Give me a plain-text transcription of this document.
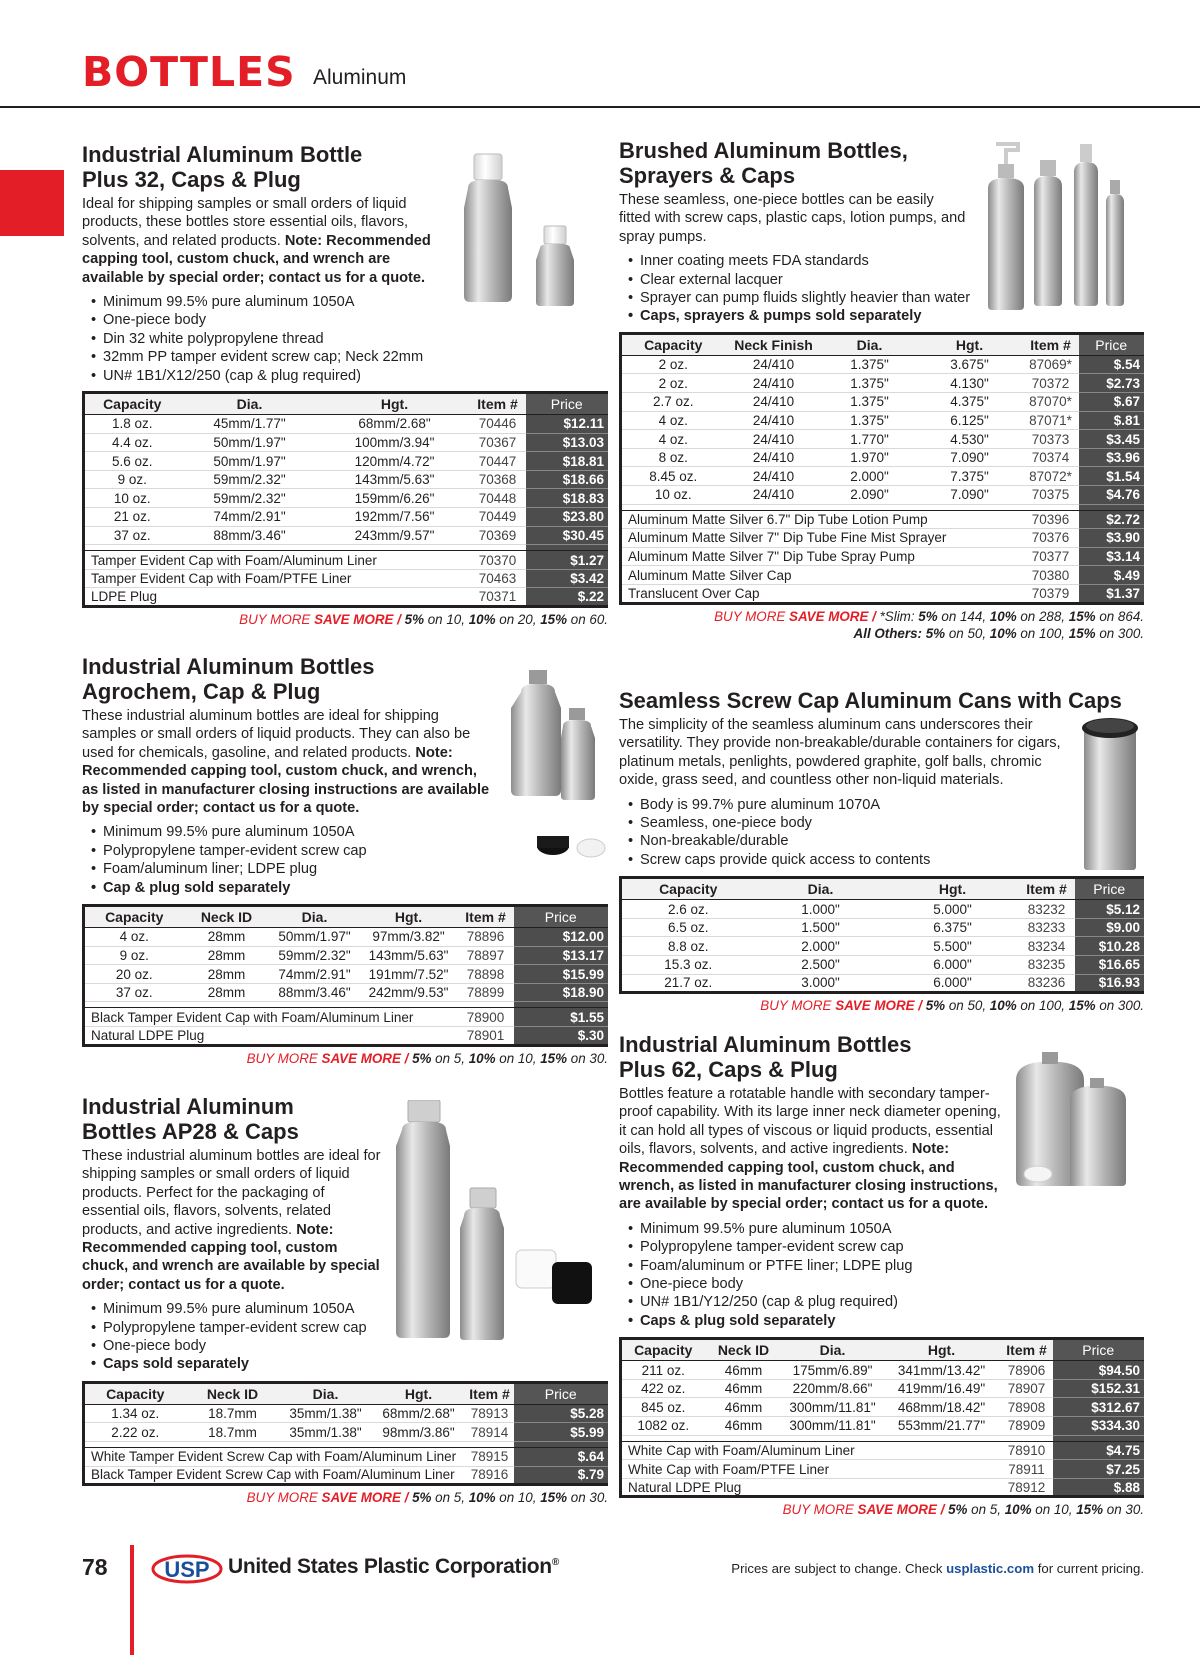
BOTTLES Aluminum
Industrial Aluminum Bottle
Plus 32, Caps & Plug
Ideal for shipping samples or small orders of liquid products, these bottles store essential oils, flavors, solvents, and related products. Note: Recommended capping tool, custom chuck, and wrench are available by special order; contact us for a quote.
• Minimum 99.5% pure aluminum 1050A
• One-piece body
• Din 32 white polypropylene thread
• 32mm PP tamper evident screw cap; Neck 22mm
• UN# 1B1/X12/250 (cap & plug required)
Capacity	Dia.	Hgt.	Item #	Price
1.8 oz.	45mm/1.77"	68mm/2.68"	70446	$12.11
4.4 oz.	50mm/1.97"	100mm/3.94"	70367	$13.03
5.6 oz.	50mm/1.97"	120mm/4.72"	70447	$18.81
9 oz.	59mm/2.32"	143mm/5.63"	70368	$18.66
10 oz.	59mm/2.32"	159mm/6.26"	70448	$18.83
21 oz.	74mm/2.91"	192mm/7.56"	70449	$23.80
37 oz.	88mm/3.46"	243mm/9.57"	70369	$30.45

Tamper Evident Cap with Foam/Aluminum Liner			70370	$1.27
Tamper Evident Cap with Foam/PTFE Liner			70463	$3.42
LDPE Plug			70371	$.22
BUY MORE SAVE MORE / 5% on 10, 10% on 20, 15% on 60.
Industrial Aluminum Bottles
Agrochem, Cap & Plug
These industrial aluminum bottles are ideal for shipping samples or small orders of liquid products. They can also be used for chemicals, gasoline, and related products. Note: Recommended capping tool, custom chuck, and wrench, as listed in manufacturer closing instructions are available by special order; contact us for a quote.
• Minimum 99.5% pure aluminum 1050A
• Polypropylene tamper-evident screw cap
• Foam/aluminum liner; LDPE plug
• Cap & plug sold separately
Capacity	Neck ID	Dia.	Hgt.	Item #	Price
4 oz.	28mm	50mm/1.97"	97mm/3.82"	78896	$12.00
9 oz.	28mm	59mm/2.32"	143mm/5.63"	78897	$13.17
20 oz.	28mm	74mm/2.91"	191mm/7.52"	78898	$15.99
37 oz.	28mm	88mm/3.46"	242mm/9.53"	78899	$18.90

Black Tamper Evident Cap with Foam/Aluminum Liner				78900	$1.55
Natural LDPE Plug				78901	$.30
BUY MORE SAVE MORE / 5% on 5, 10% on 10, 15% on 30.
Industrial Aluminum
Bottles AP28 & Caps
These industrial aluminum bottles are ideal for shipping samples or small orders of liquid products. Perfect for the packaging of essential oils, flavors, solvents, related products, and active ingredients. Note: Recommended capping tool, custom chuck, and wrench are available by special order; contact us for a quote.
• Minimum 99.5% pure aluminum 1050A
• Polypropylene tamper-evident screw cap
• One-piece body
• Caps sold separately
Capacity	Neck ID	Dia.	Hgt.	Item #	Price
1.34 oz.	18.7mm	35mm/1.38"	68mm/2.68"	78913	$5.28
2.22 oz.	18.7mm	35mm/1.38"	98mm/3.86"	78914	$5.99

White Tamper Evident Screw Cap with Foam/Aluminum Liner				78915	$.64
Black Tamper Evident Screw Cap with Foam/Aluminum Liner				78916	$.79
BUY MORE SAVE MORE / 5% on 5, 10% on 10, 15% on 30.
Brushed Aluminum Bottles,
Sprayers & Caps
These seamless, one-piece bottles can be easily fitted with screw caps, plastic caps, lotion pumps, and spray pumps.
• Inner coating meets FDA standards
• Clear external lacquer
• Sprayer can pump fluids slightly heavier than water
• Caps, sprayers & pumps sold separately
Capacity	Neck Finish	Dia.	Hgt.	Item #	Price
2 oz.	24/410	1.375"	3.675"	87069*	$.54
2 oz.	24/410	1.375"	4.130"	70372	$2.73
2.7 oz.	24/410	1.375"	4.375"	87070*	$.67
4 oz.	24/410	1.375"	6.125"	87071*	$.81
4 oz.	24/410	1.770"	4.530"	70373	$3.45
8 oz.	24/410	1.970"	7.090"	70374	$3.96
8.45 oz.	24/410	2.000"	7.375"	87072*	$1.54
10 oz.	24/410	2.090"	7.090"	70375	$4.76

Aluminum Matte Silver 6.7" Dip Tube Lotion Pump				70396	$2.72
Aluminum Matte Silver 7" Dip Tube Fine Mist Sprayer				70376	$3.90
Aluminum Matte Silver 7" Dip Tube Spray Pump				70377	$3.14
Aluminum Matte Silver Cap				70380	$.49
Translucent Over Cap				70379	$1.37
BUY MORE SAVE MORE / *Slim: 5% on 144, 10% on 288, 15% on 864.
All Others: 5% on 50, 10% on 100, 15% on 300.
Seamless Screw Cap Aluminum Cans with Caps
The simplicity of the seamless aluminum cans underscores their versatility. They provide non-breakable/durable containers for cigars, platinum metals, penlights, powdered graphite, golf balls, chromic oxide, grass seed, and countless other non-liquid materials.
• Body is 99.7% pure aluminum 1070A
• Seamless, one-piece body
• Non-breakable/durable
• Screw caps provide quick access to contents
Capacity	Dia.	Hgt.	Item #	Price
2.6 oz.	1.000"	5.000"	83232	$5.12
6.5 oz.	1.500"	6.375"	83233	$9.00
8.8 oz.	2.000"	5.500"	83234	$10.28
15.3 oz.	2.500"	6.000"	83235	$16.65
21.7 oz.	3.000"	6.000"	83236	$16.93
BUY MORE SAVE MORE / 5% on 50, 10% on 100, 15% on 300.
Industrial Aluminum Bottles
Plus 62, Caps & Plug
Bottles feature a rotatable handle with secondary tamper-proof capability. With its large inner neck diameter opening, it can hold all types of viscous or liquid products, essential oils, flavors, solvents, and active ingredients. Note: Recommended capping tool, custom chuck, and wrench, as listed in manufacturer closing instructions, are available by special order; contact us for a quote.
• Minimum 99.5% pure aluminum 1050A
• Polypropylene tamper-evident screw cap
• Foam/aluminum or PTFE liner; LDPE plug
• One-piece body
• UN# 1B1/Y12/250 (cap & plug required)
• Caps & plug sold separately
Capacity	Neck ID	Dia.	Hgt.	Item #	Price
211 oz.	46mm	175mm/6.89"	341mm/13.42"	78906	$94.50
422 oz.	46mm	220mm/8.66"	419mm/16.49"	78907	$152.31
845 oz.	46mm	300mm/11.81"	468mm/18.42"	78908	$312.67
1082 oz.	46mm	300mm/11.81"	553mm/21.77"	78909	$334.30

White Cap with Foam/Aluminum Liner				78910	$4.75
White Cap with Foam/PTFE Liner				78911	$7.25
Natural LDPE Plug				78912	$.88
BUY MORE SAVE MORE / 5% on 5, 10% on 10, 15% on 30.
78	USP United States Plastic Corporation®	Prices are subject to change. Check usplastic.com for current pricing.
